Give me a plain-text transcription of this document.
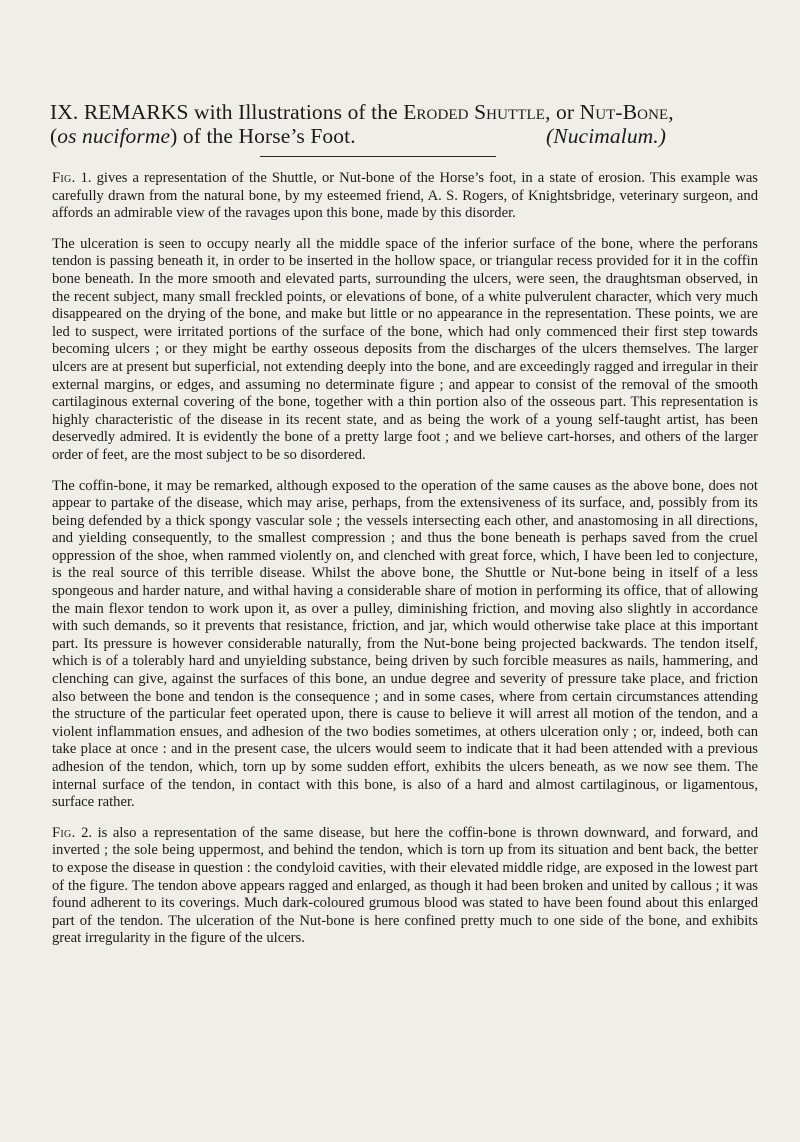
IX. REMARKS with Illustrations of the Eroded Shuttle, or Nut-Bone,
(os nuciforme) of the Horse’s Foot.	(Nucimalum.)

Fig. 1. gives a representation of the Shuttle, or Nut-bone of the Horse’s foot, in a state of erosion. This example was carefully drawn from the natural bone, by my esteemed friend, A. S. Rogers, of Knightsbridge, veterinary surgeon, and affords an admirable view of the ravages upon this bone, made by this disorder.

The ulceration is seen to occupy nearly all the middle space of the inferior surface of the bone, where the perforans tendon is passing beneath it, in order to be inserted in the hollow space, or triangular recess provided for it in the coffin bone beneath. In the more smooth and elevated parts, surrounding the ulcers, were seen, the draughtsman observed, in the recent subject, many small freckled points, or elevations of bone, of a white pulverulent character, which very much disappeared on the drying of the bone, and make but little or no appearance in the representation. These points, we are led to suspect, were irritated portions of the surface of the bone, which had only commenced their first step towards becoming ulcers ; or they might be earthy osseous deposits from the discharges of the ulcers themselves. The larger ulcers are at present but superficial, not extending deeply into the bone, and are exceedingly ragged and irregular in their external margins, or edges, and assuming no determinate figure ; and appear to consist of the removal of the smooth cartilaginous external covering of the bone, together with a thin portion also of the osseous part. This representation is highly characteristic of the disease in its recent state, and as being the work of a young self-taught artist, has been deservedly admired. It is evidently the bone of a pretty large foot ; and we believe cart-horses, and others of the larger order of feet, are the most subject to be so disordered.

The coffin-bone, it may be remarked, although exposed to the operation of the same causes as the above bone, does not appear to partake of the disease, which may arise, perhaps, from the extensiveness of its surface, and, possibly from its being defended by a thick spongy vascular sole ; the vessels intersecting each other, and anastomosing in all directions, and yielding consequently, to the smallest compression ; and thus the bone beneath is perhaps saved from the cruel oppression of the shoe, when rammed violently on, and clenched with great force, which, I have been led to conjecture, is the real source of this terrible disease. Whilst the above bone, the Shuttle or Nut-bone being in itself of a less spongeous and harder nature, and withal having a considerable share of motion in performing its office, that of allowing the main flexor tendon to work upon it, as over a pulley, diminishing friction, and moving also slightly in accordance with such demands, so it prevents that resistance, friction, and jar, which would otherwise take place at this important part. Its pressure is however considerable naturally, from the Nut-bone being projected backwards. The tendon itself, which is of a tolerably hard and unyielding substance, being driven by such forcible measures as nails, hammering, and clenching can give, against the surfaces of this bone, an undue degree and severity of pressure take place, and friction also between the bone and tendon is the consequence ; and in some cases, where from certain circumstances attending the structure of the particular feet operated upon, there is cause to believe it will arrest all motion of the tendon, and a violent inflammation ensues, and adhesion of the two bodies sometimes, at others ulceration only ; or, indeed, both can take place at once : and in the present case, the ulcers would seem to indicate that it had been attended with a previous adhesion of the tendon, which, torn up by some sudden effort, exhibits the ulcers beneath, as we now see them. The internal surface of the tendon, in contact with this bone, is also of a hard and almost cartilaginous, or ligamentous, surface rather.

Fig. 2. is also a representation of the same disease, but here the coffin-bone is thrown downward, and forward, and inverted ; the sole being uppermost, and behind the tendon, which is torn up from its situation and bent back, the better to expose the disease in question : the condyloid cavities, with their elevated middle ridge, are exposed in the lowest part of the figure. The tendon above appears ragged and enlarged, as though it had been broken and united by callous ; it was found adherent to its coverings. Much dark-coloured grumous blood was stated to have been found about this enlarged part of the tendon. The ulceration of the Nut-bone is here confined pretty much to one side of the bone, and exhibits great irregularity in the figure of the ulcers.
